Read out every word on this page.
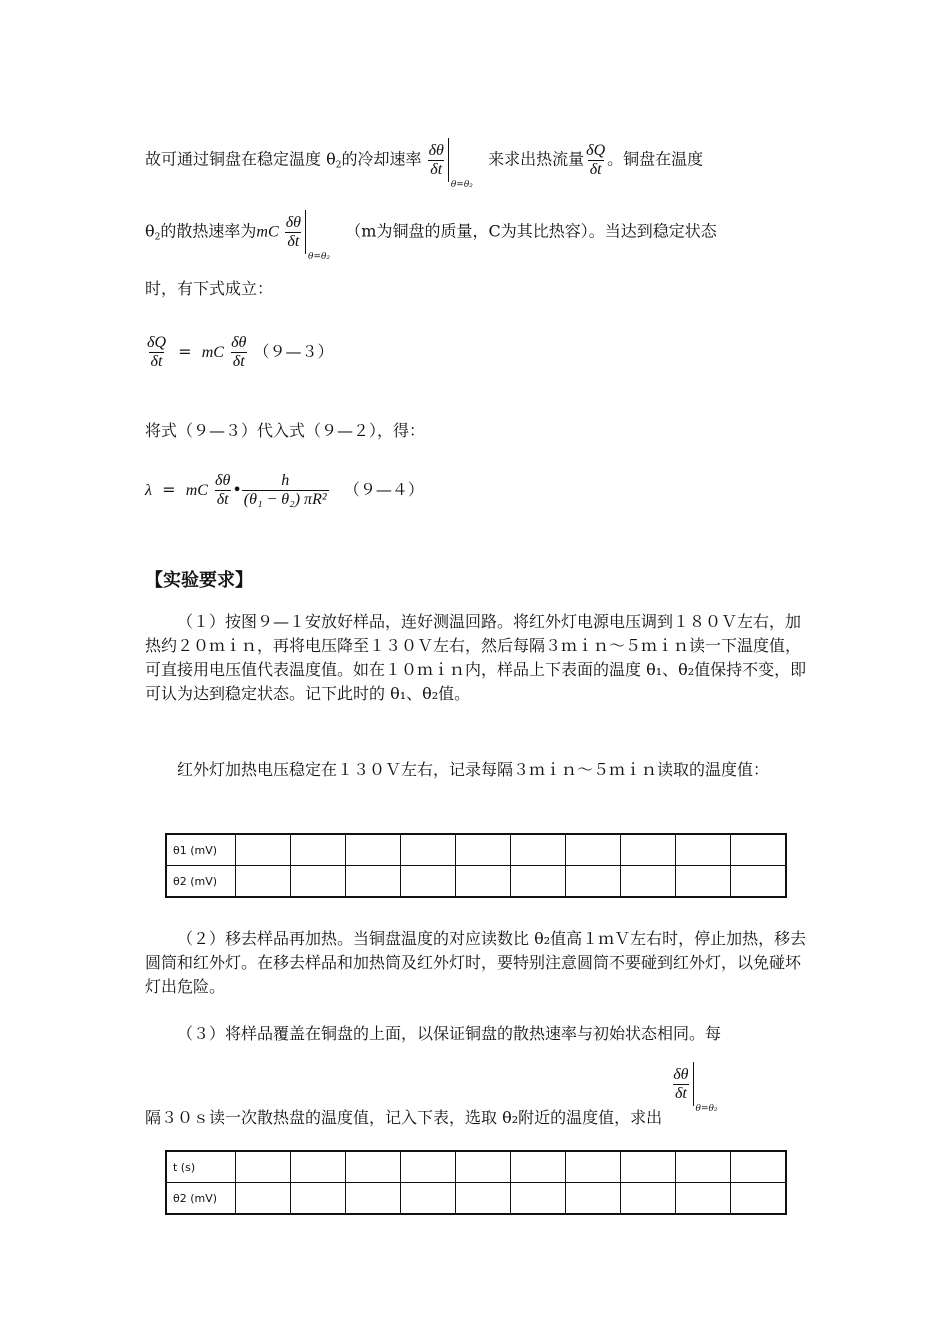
故可通过铜盘在稳定温度 $\theta_2$的冷却速率 $\frac{\delta\theta}{\delta t}$
θ=θ₂   来求出热流量 $\frac{\delta Q}{\delta t}$ 。铜盘在温度
$\theta_2$的散热速率为mC $\frac{\delta\theta}{\delta t}$
θ=θ₂   （m为铜盘的质量，C为其比热容）。当达到稳定状态
时，有下式成立：
$\frac{\delta Q}{\delta t}$ = mC $\frac{\delta\theta}{\delta t}$ （９—３）
将式（９—３）代入式（９—２），得：
λ = mC $\frac{\delta\theta}{\delta t}$ • $\frac{h}{\text{(θ₁ − θ₂) πR²}}$ （９—４）
【实验要求】
（１）按图９—１安放好样品，连好测温回路。将红外灯电源电压调到１８０Ｖ左右，加热约２０ｍｉｎ，再将电压降至１３０Ｖ左右，然后每隔３ｍｉｎ～５ｍｉｎ读一下温度值，可直接用电压值代表温度值。如在１０ｍｉｎ内，样品上下表面的温度 θ₁、θ₂值保持不变，即可认为达到稳定状态。记下此时的 θ₁、θ₂值。
红外灯加热电压稳定在１３０Ｖ左右，记录每隔３ｍｉｎ～５ｍｉｎ读取的温度值：
θ1 (mV)										
θ2 (mV)										
（２）移去样品再加热。当铜盘温度的对应读数比 θ₂值高１ｍＶ左右时，停止加热，移去圆筒和红外灯。在移去样品和加热筒及红外灯时，要特别注意圆筒不要碰到红外灯，以免碰坏灯出危险。
（３）将样品覆盖在铜盘的上面，以保证铜盘的散热速率与初始状态相同。每
隔３０ｓ读一次散热盘的温度值，记入下表，选取 θ₂附近的温度值，求出
$\frac{\delta\theta}{\delta t}$
θ=θ₂
t (s)										
θ2 (mV)										
